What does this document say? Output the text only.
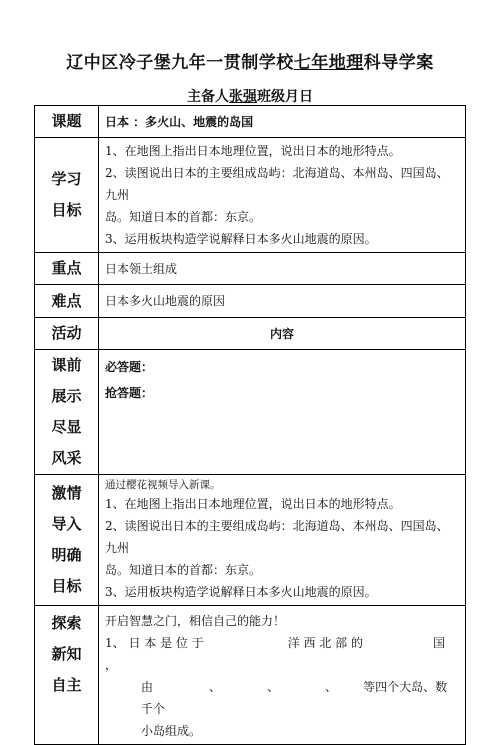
辽中区冷子堡九年一贯制学校七年地理科导学案
主备人张强班级月日
课题	日本 ：多火山、地震的岛国

学习
目标	1、在地图上指出日本地理位置，说出日本的地形特点。
2、读图说出日本的主要组成岛屿：北海道岛、本州岛、四国岛、九州
岛。知道日本的首都：东京。
3、运用板块构造学说解释日本多火山地震的原因。

重点	日本领土组成
难点	日本多火山地震的原因
活动	内容

课前
展示
尽显
风采	必答题：
抢答题：

激情
导入
明确
目标	通过樱花视频导入新课。
1、在地图上指出日本地理位置，说出日本的地形特点。
2、读图说出日本的主要组成岛屿：北海道岛、本州岛、四国岛、九州
岛。知道日本的首都：东京。
3、运用板块构造学说解释日本多火山地震的原因。

探索
新知
自主	开启智慧之门，相信自己的能力！
1、 日 本 是 位 于 洋 西 北 部 的 国 ，
由 、 、 、 等四个大岛、数千个
小岛组成。
